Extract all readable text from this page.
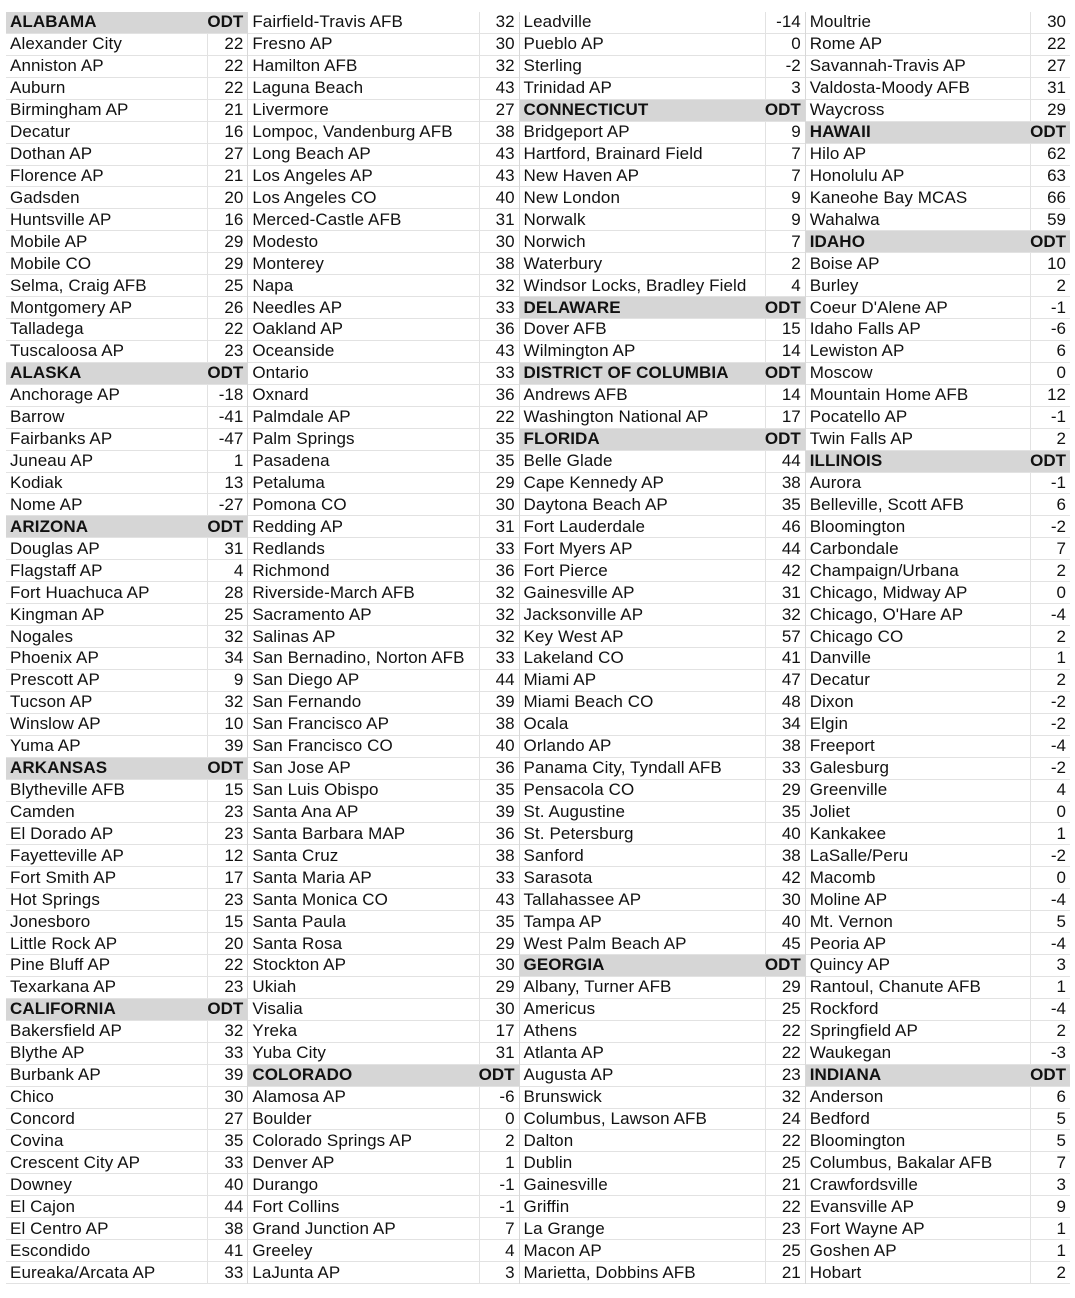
ALABAMA	ODT
Alexander City	22
Anniston AP	22
Auburn	22
Birmingham AP	21
Decatur	16
Dothan AP	27
Florence AP	21
Gadsden	20
Huntsville AP	16
Mobile AP	29
Mobile CO	29
Selma, Craig AFB	25
Montgomery AP	26
Talladega	22
Tuscaloosa AP	23
ALASKA	ODT
Anchorage AP	-18
Barrow	-41
Fairbanks AP	-47
Juneau AP	1
Kodiak	13
Nome AP	-27
ARIZONA	ODT
Douglas AP	31
Flagstaff AP	4
Fort Huachuca AP	28
Kingman AP	25
Nogales	32
Phoenix AP	34
Prescott AP	9
Tucson AP	32
Winslow AP	10
Yuma AP	39
ARKANSAS	ODT
Blytheville AFB	15
Camden	23
El Dorado AP	23
Fayetteville AP	12
Fort Smith AP	17
Hot Springs	23
Jonesboro	15
Little Rock AP	20
Pine Bluff AP	22
Texarkana AP	23
CALIFORNIA	ODT
Bakersfield AP	32
Blythe AP	33
Burbank AP	39
Chico	30
Concord	27
Covina	35
Crescent City AP	33
Downey	40
El Cajon	44
El Centro AP	38
Escondido	41
Eureaka/Arcata AP	33
Fairfield-Travis AFB	32
Fresno AP	30
Hamilton AFB	32
Laguna Beach	43
Livermore	27
Lompoc, Vandenburg AFB	38
Long Beach AP	43
Los Angeles AP	43
Los Angeles CO	40
Merced-Castle AFB	31
Modesto	30
Monterey	38
Napa	32
Needles AP	33
Oakland AP	36
Oceanside	43
Ontario	33
Oxnard	36
Palmdale AP	22
Palm Springs	35
Pasadena	35
Petaluma	29
Pomona CO	30
Redding AP	31
Redlands	33
Richmond	36
Riverside-March AFB	32
Sacramento AP	32
Salinas AP	32
San Bernadino, Norton AFB	33
San Diego AP	44
San Fernando	39
San Francisco AP	38
San Francisco CO	40
San Jose AP	36
San Luis Obispo	35
Santa Ana AP	39
Santa Barbara MAP	36
Santa Cruz	38
Santa Maria AP	33
Santa Monica CO	43
Santa Paula	35
Santa Rosa	29
Stockton AP	30
Ukiah	29
Visalia	30
Yreka	17
Yuba City	31
COLORADO	ODT
Alamosa AP	-6
Boulder	0
Colorado Springs AP	2
Denver AP	1
Durango	-1
Fort Collins	-1
Grand Junction AP	7
Greeley	4
LaJunta AP	3
Leadville	-14
Pueblo AP	0
Sterling	-2
Trinidad AP	3
CONNECTICUT	ODT
Bridgeport AP	9
Hartford, Brainard Field	7
New Haven AP	7
New London	9
Norwalk	9
Norwich	7
Waterbury	2
Windsor Locks, Bradley Field	4
DELAWARE	ODT
Dover AFB	15
Wilmington AP	14
DISTRICT OF COLUMBIA	ODT
Andrews AFB	14
Washington National AP	17
FLORIDA	ODT
Belle Glade	44
Cape Kennedy AP	38
Daytona Beach AP	35
Fort Lauderdale	46
Fort Myers AP	44
Fort Pierce	42
Gainesville AP	31
Jacksonville AP	32
Key West AP	57
Lakeland CO	41
Miami AP	47
Miami Beach CO	48
Ocala	34
Orlando AP	38
Panama City, Tyndall AFB	33
Pensacola CO	29
St. Augustine	35
St. Petersburg	40
Sanford	38
Sarasota	42
Tallahassee AP	30
Tampa AP	40
West Palm Beach AP	45
GEORGIA	ODT
Albany, Turner AFB	29
Americus	25
Athens	22
Atlanta AP	22
Augusta AP	23
Brunswick	32
Columbus, Lawson AFB	24
Dalton	22
Dublin	25
Gainesville	21
Griffin	22
La Grange	23
Macon AP	25
Marietta, Dobbins AFB	21
Moultrie	30
Rome AP	22
Savannah-Travis AP	27
Valdosta-Moody AFB	31
Waycross	29
HAWAII	ODT
Hilo AP	62
Honolulu AP	63
Kaneohe Bay MCAS	66
Wahalwa	59
IDAHO	ODT
Boise AP	10
Burley	2
Coeur D'Alene AP	-1
Idaho Falls AP	-6
Lewiston AP	6
Moscow	0
Mountain Home AFB	12
Pocatello AP	-1
Twin Falls AP	2
ILLINOIS	ODT
Aurora	-1
Belleville, Scott AFB	6
Bloomington	-2
Carbondale	7
Champaign/Urbana	2
Chicago, Midway AP	0
Chicago, O'Hare AP	-4
Chicago CO	2
Danville	1
Decatur	2
Dixon	-2
Elgin	-2
Freeport	-4
Galesburg	-2
Greenville	4
Joliet	0
Kankakee	1
LaSalle/Peru	-2
Macomb	0
Moline AP	-4
Mt. Vernon	5
Peoria AP	-4
Quincy AP	3
Rantoul, Chanute AFB	1
Rockford	-4
Springfield AP	2
Waukegan	-3
INDIANA	ODT
Anderson	6
Bedford	5
Bloomington	5
Columbus, Bakalar AFB	7
Crawfordsville	3
Evansville AP	9
Fort Wayne AP	1
Goshen AP	1
Hobart	2
